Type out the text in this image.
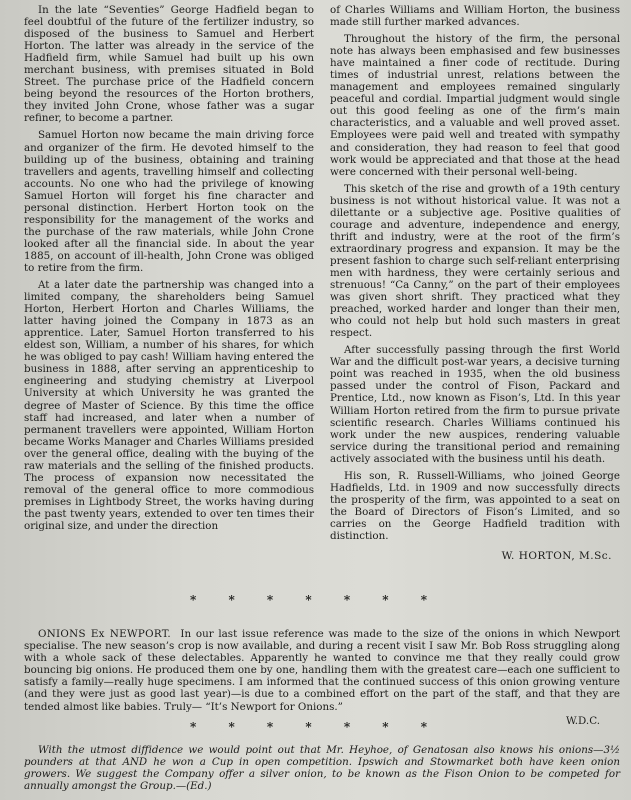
In the late “Seventies” George Hadfield began to feel doubtful of the future of the fertilizer industry, so disposed of the business to Samuel and Herbert Horton. The latter was already in the service of the Hadfield firm, while Samuel had built up his own merchant business, with premises situated in Bold Street. The purchase price of the Hadfield concern being beyond the resources of the Horton brothers, they invited John Crone, whose father was a sugar refiner, to become a partner.

Samuel Horton now became the main driving force and organizer of the firm. He devoted himself to the building up of the business, obtaining and training travellers and agents, travelling himself and collecting accounts. No one who had the privilege of knowing Samuel Horton will forget his fine character and personal distinction. Herbert Horton took on the responsibility for the management of the works and the purchase of the raw materials, while John Crone looked after all the financial side. In about the year 1885, on account of ill-health, John Crone was obliged to retire from the firm.

At a later date the partnership was changed into a limited company, the shareholders being Samuel Horton, Herbert Horton and Charles Williams, the latter having joined the Company in 1873 as an apprentice. Later, Samuel Horton transferred to his eldest son, William, a number of his shares, for which he was obliged to pay cash! William having entered the business in 1888, after serving an apprenticeship to engineering and studying chemistry at Liverpool University at which University he was granted the degree of Master of Science. By this time the office staff had increased, and later when a number of permanent travellers were appointed, William Horton became Works Manager and Charles Williams presided over the general office, dealing with the buying of the raw materials and the selling of the finished products. The process of expansion now necessitated the removal of the general office to more commodious premises in Lightbody Street, the works having during the past twenty years, extended to over ten times their original size, and under the direction

of Charles Williams and William Horton, the business made still further marked advances.

Throughout the history of the firm, the personal note has always been emphasised and few businesses have maintained a finer code of rectitude. During times of industrial unrest, relations between the management and employees remained singularly peaceful and cordial. Impartial judgment would single out this good feeling as one of the firm’s main characteristics, and a valuable and well proved asset. Employees were paid well and treated with sympathy and consideration, they had reason to feel that good work would be appreciated and that those at the head were concerned with their personal well-being.

This sketch of the rise and growth of a 19th century business is not without historical value. It was not a dilettante or a subjective age. Positive qualities of courage and adventure, independence and energy, thrift and industry, were at the root of the firm’s extraordinary progress and expansion. It may be the present fashion to charge such self-reliant enterprising men with hardness, they were certainly serious and strenuous! “Ca Canny,” on the part of their employees was given short shrift. They practiced what they preached, worked harder and longer than their men, who could not help but hold such masters in great respect.

After successfully passing through the first World War and the difficult post-war years, a decisive turning point was reached in 1935, when the old business passed under the control of Fison, Packard and Prentice, Ltd., now known as Fison’s, Ltd. In this year William Horton retired from the firm to pursue private scientific research. Charles Williams continued his work under the new auspices, rendering valuable service during the transitional period and remaining actively associated with the business until his death.

His son, R. Russell-Williams, who joined George Hadfields, Ltd. in 1909 and now successfully directs the prosperity of the firm, was appointed to a seat on the Board of Directors of Fison’s Limited, and so carries on the George Hadfield tradition with distinction.

W. HORTON, M.Sc.
* * * * * * *

ONIONS Ex NEWPORT. In our last issue reference was made to the size of the onions in which Newport specialise. The new season’s crop is now available, and during a recent visit I saw Mr. Bob Ross struggling along with a whole sack of these delectables. Apparently he wanted to convince me that they really could grow bouncing big onions. He produced them one by one, handling them with the greatest care—each one sufficient to satisfy a family—really huge specimens. I am informed that the continued success of this onion growing venture (and they were just as good last year)—is due to a combined effort on the part of the staff, and that they are tended almost like babies. Truly— “It’s Newport for Onions.”

W.D.C.
* * * * * * *

With the utmost diffidence we would point out that Mr. Heyhoe, of Genatosan also knows his onions—3½ pounders at that AND he won a Cup in open competition. Ipswich and Stowmarket both have keen onion growers. We suggest the Company offer a silver onion, to be known as the Fison Onion to be competed for annually amongst the Group.—(Ed.)
